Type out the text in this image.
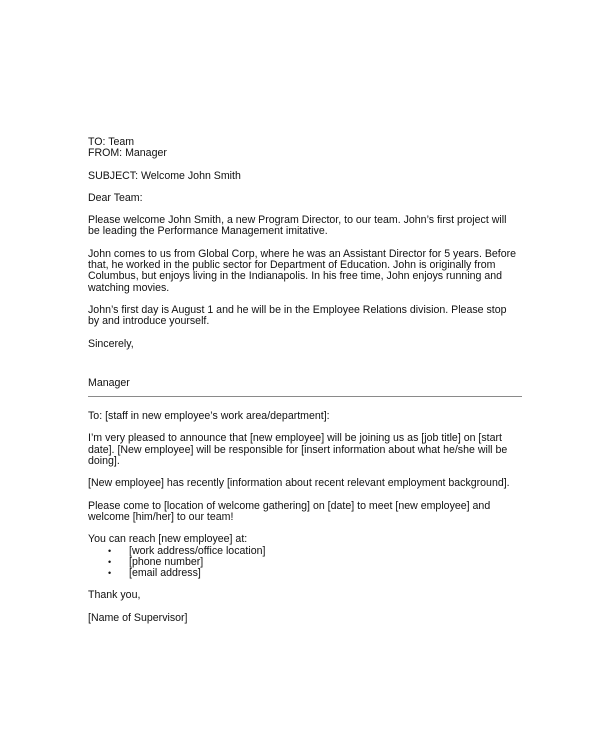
TO: Team

FROM: Manager

SUBJECT: Welcome John Smith

Dear Team:

Please welcome John Smith, a new Program Director, to our team. John’s first project will be leading the Performance Management imitative.

John comes to us from Global Corp, where he was an Assistant Director for 5 years. Before that, he worked in the public sector for Department of Education. John is originally from Columbus, but enjoys living in the Indianapolis. In his free time, John enjoys running and watching movies.

John’s first day is August 1 and he will be in the Employee Relations division. Please stop by and introduce yourself.

Sincerely,

Manager

To: [staff in new employee’s work area/department]:

I’m very pleased to announce that [new employee] will be joining us as [job title] on [start date]. [New employee] will be responsible for [insert information about what he/she will be doing].

[New employee] has recently [information about recent relevant employment background].

Please come to [location of welcome gathering] on [date] to meet [new employee] and welcome [him/her] to our team!

You can reach [new employee] at:

• [work address/office location]
• [phone number]
• [email address]

Thank you,

[Name of Supervisor]
